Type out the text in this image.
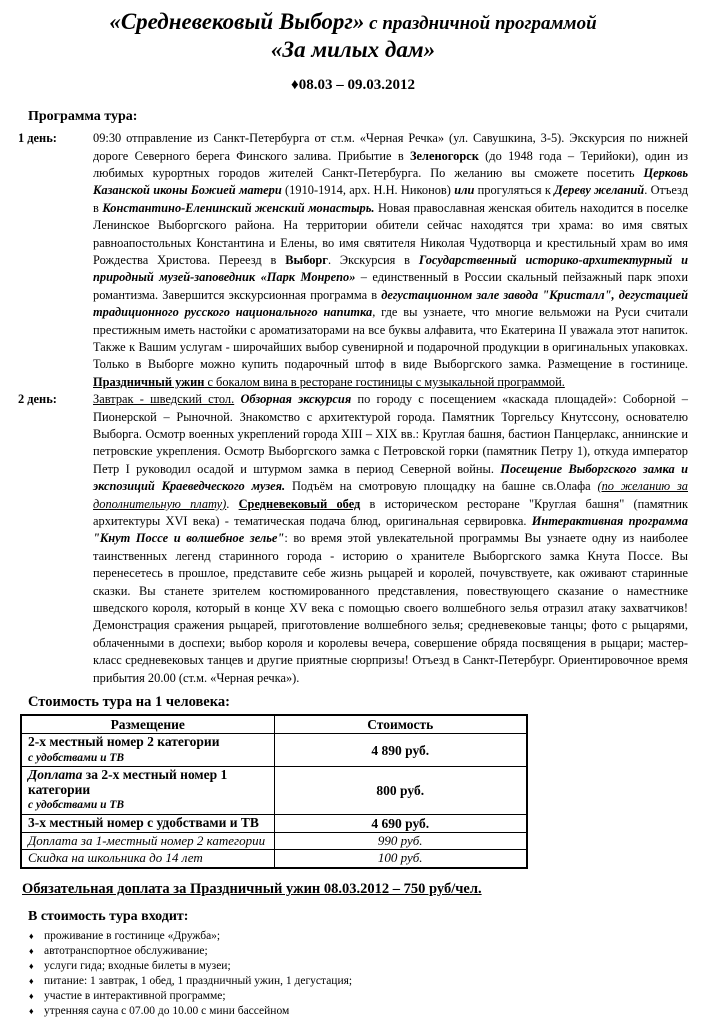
«Средневековый Выборг» с праздничной программой
«За милых дам»
♦08.03 – 09.03.2012
Программа тура:
1 день:	09:30 отправление из Санкт-Петербурга от ст.м. «Черная Речка» (ул. Савушкина, 3-5). Экскурсия по нижней дороге Северного берега Финского залива. Прибытие в Зеленогорск (до 1948 года – Терийоки), один из любимых курортных городов жителей Санкт-Петербурга. По желанию вы сможете посетить Церковь Казанской иконы Божией матери (1910-1914, арх. Н.Н. Никонов) или прогуляться к Дереву желаний. Отъезд в Константино-Еленинский женский монастырь. Новая православная женская обитель находится в поселке Ленинское Выборгского района. На территории обители сейчас находятся три храма: во имя святых равноапостольных Константина и Елены, во имя святителя Николая Чудотворца и крестильный храм во имя Рождества Христова. Переезд в Выборг. Экскурсия в Государственный историко-архитектурный и природный музей-заповедник «Парк Монрепо» – единственный в России скальный пейзажный парк эпохи романтизма. Завершится экскурсионная программа в дегустационном зале завода "Кристалл", дегустацией традиционного русского национального напитка, где вы узнаете, что многие вельможи на Руси считали престижным иметь настойки с ароматизаторами на все буквы алфавита, что Екатерина II уважала этот напиток. Также к Вашим услугам - широчайших выбор сувенирной и подарочной продукции в оригинальных упаковках. Только в Выборге можно купить подарочный штоф в виде Выборгского замка. Размещение в гостинице. Праздничный ужин с бокалом вина в ресторане гостиницы с музыкальной программой.
2 день:	Завтрак - шведский стол. Обзорная экскурсия по городу с посещением «каскада площадей»: Соборной – Пионерской – Рыночной. Знакомство с архитектурой города. Памятник Торгельсу Кнутссону, основателю Выборга. Осмотр военных укреплений города XIII – XIX вв.: Круглая башня, бастион Панцерлакс, аннинские и петровские укрепления. Осмотр Выборгского замка с Петровской горки (памятник Петру 1), откуда император Петр I руководил осадой и штурмом замка в период Северной войны. Посещение Выборгского замка и экспозиций Краеведческого музея. Подъём на смотровую площадку на башне св.Олафа (по желанию за дополнительную плату). Средневековый обед в историческом ресторане "Круглая башня" (памятник архитектуры XVI века) - тематическая подача блюд, оригинальная сервировка. Интерактивная программа "Кнут Поссе и волшебное зелье": во время этой увлекательной программы Вы узнаете одну из наиболее таинственных легенд старинного города - историю о хранителе Выборгского замка Кнута Поссе. Вы перенесетесь в прошлое, представите себе жизнь рыцарей и королей, почувствуете, как оживают старинные сказки. Вы станете зрителем костюмированного представления, повествующего сказание о наместнике шведского короля, который в конце XV века с помощью своего волшебного зелья отразил атаку захватчиков! Демонстрация сражения рыцарей, приготовление волшебного зелья; средневековые танцы; фото с рыцарями, облаченными в доспехи; выбор короля и королевы вечера, совершение обряда посвящения в рыцари; мастер-класс средневековых танцев и другие приятные сюрпризы! Отъезд в Санкт-Петербург. Ориентировочное время прибытия 20.00 (ст.м. «Черная речка»).
Стоимость тура на 1 человека:
Размещение	Стоимость
2-х местный номер 2 категории
с удобствами и ТВ	4 890 руб.
Доплата за 2-х местный номер 1 категории
с удобствами и ТВ	800 руб.
3-х местный номер с удобствами и ТВ	4 690 руб.
Доплата за 1-местный номер 2 категории	990 руб.
Скидка на школьника до 14 лет	100 руб.
Обязательная доплата за Праздничный ужин 08.03.2012 – 750 руб/чел.
В стоимость тура входит:
♦ проживание в гостинице «Дружба»;
♦ автотранспортное обслуживание;
♦ услуги гида; входные билеты в музеи;
♦ питание: 1 завтрак, 1 обед, 1 праздничный ужин, 1 дегустация;
♦ участие в интерактивной программе;
♦ утренняя сауна с 07.00 до 10.00 с мини бассейном
